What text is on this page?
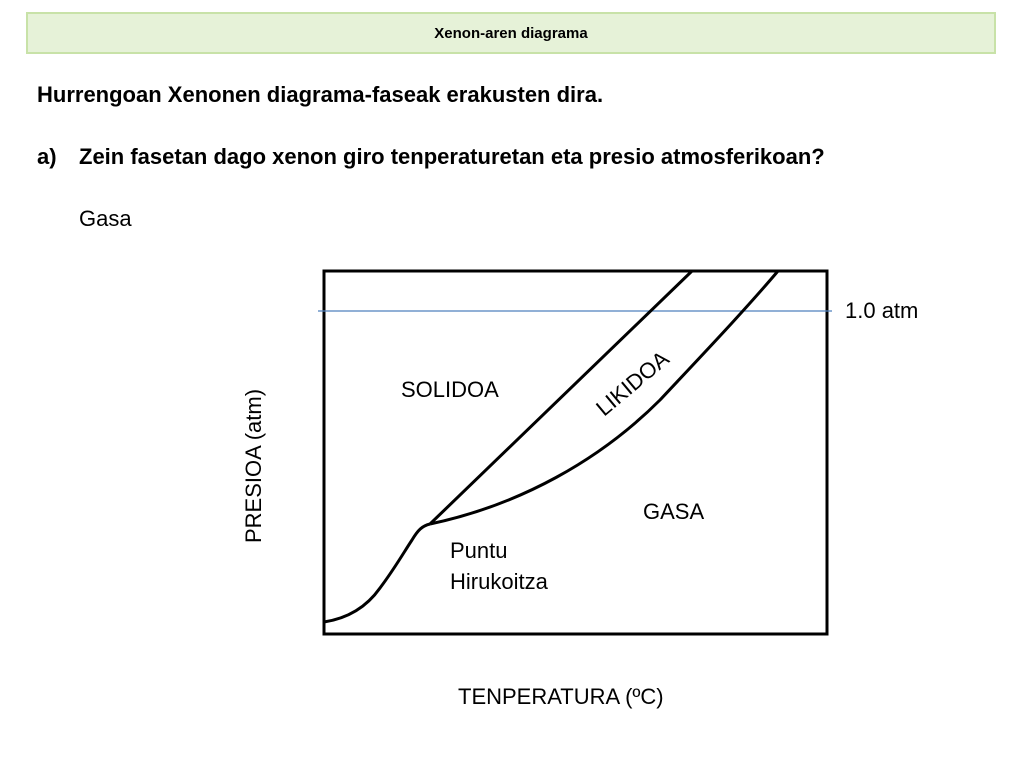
Xenon-aren diagrama
Hurrengoan Xenonen diagrama-faseak erakusten dira.
a) Zein fasetan dago xenon giro tenperaturetan eta presio atmosferikoan?
Gasa
SOLIDOA	LIKIDOA
GASA
Puntu
Hirukoitza
1.0 atm
PRESIOA (atm)
TENPERATURA (ºC)
